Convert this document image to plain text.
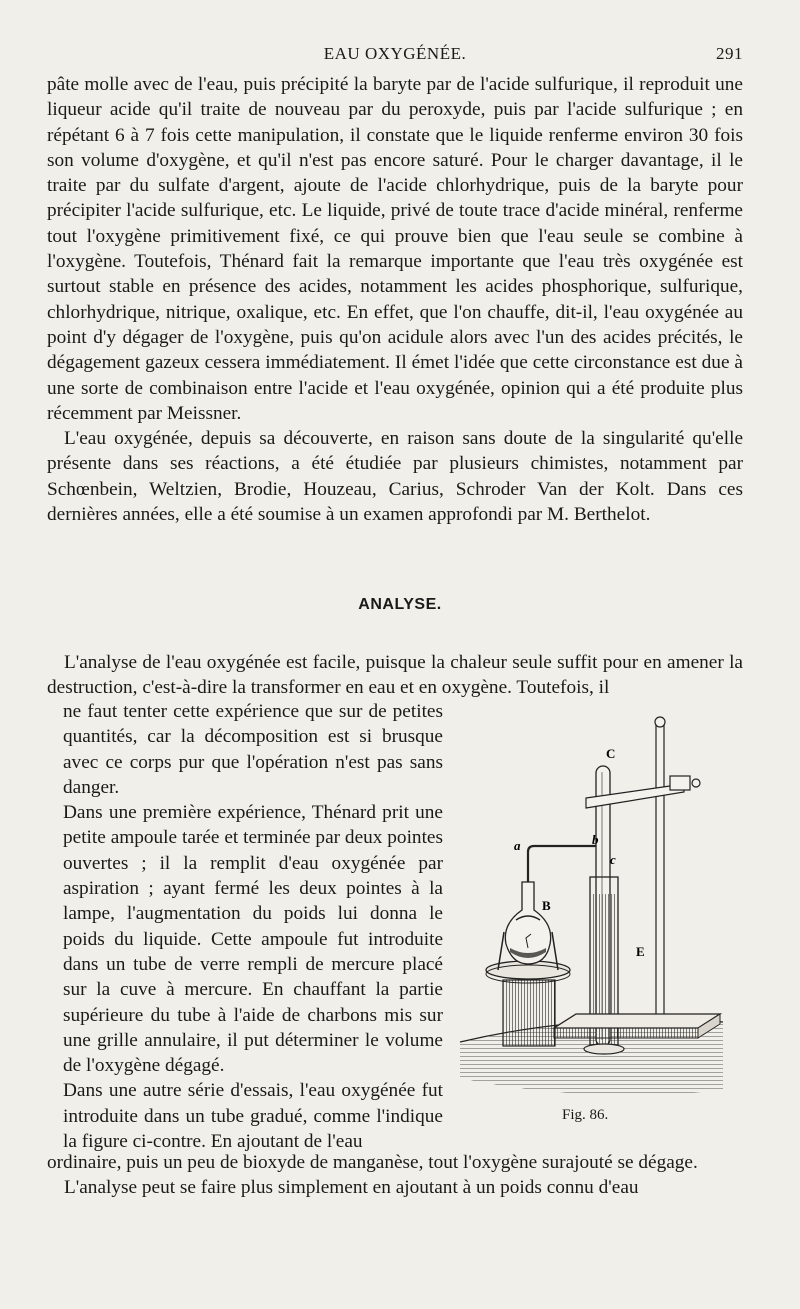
EAU OXYGÉNÉE.	291

pâte molle avec de l'eau, puis précipité la baryte par de l'acide sulfurique, il reproduit une liqueur acide qu'il traite de nouveau par du peroxyde, puis par l'acide sulfurique ; en répétant 6 à 7 fois cette manipulation, il constate que le liquide renferme environ 30 fois son volume d'oxygène, et qu'il n'est pas encore saturé. Pour le charger davantage, il le traite par du sulfate d'argent, ajoute de l'acide chlorhydrique, puis de la baryte pour précipiter l'acide sulfurique, etc. Le liquide, privé de toute trace d'acide minéral, renferme tout l'oxygène primitivement fixé, ce qui prouve bien que l'eau seule se combine à l'oxygène. Toutefois, Thénard fait la remarque importante que l'eau très oxygénée est surtout stable en présence des acides, notamment les acides phosphorique, sulfurique, chlorhydrique, nitrique, oxalique, etc. En effet, que l'on chauffe, dit-il, l'eau oxygénée au point d'y dégager de l'oxygène, puis qu'on acidule alors avec l'un des acides précités, le dégagement gazeux cessera immédiatement. Il émet l'idée que cette circonstance est due à une sorte de combinaison entre l'acide et l'eau oxygénée, opinion qui a été produite plus récemment par Meissner.

L'eau oxygénée, depuis sa découverte, en raison sans doute de la singularité qu'elle présente dans ses réactions, a été étudiée par plusieurs chimistes, notamment par Schœnbein, Weltzien, Brodie, Houzeau, Carius, Schroder Van der Kolt. Dans ces dernières années, elle a été soumise à un examen approfondi par M. Berthelot.

ANALYSE.

L'analyse de l'eau oxygénée est facile, puisque la chaleur seule suffit pour en amener la destruction, c'est-à-dire la transformer en eau et en oxygène. Toutefois, il

ne faut tenter cette expérience que sur de petites quantités, car la décomposition est si brusque avec ce corps pur que l'opération n'est pas sans danger.

Dans une première expérience, Thénard prit une petite ampoule tarée et terminée par deux pointes ouvertes ; il la remplit d'eau oxygénée par aspiration ; ayant fermé les deux pointes à la lampe, l'augmentation du poids lui donna le poids du liquide. Cette ampoule fut introduite dans un tube de verre rempli de mercure placé sur la cuve à mercure. En chauffant la partie supérieure du tube à l'aide de charbons mis sur une grille annulaire, il put déterminer le volume de l'oxygène dégagé.

Dans une autre série d'essais, l'eau oxygénée fut introduite dans un tube gradué, comme l'indique la figure ci-contre. En ajoutant de l'eau

ordinaire, puis un peu de bioxyde de manganèse, tout l'oxygène surajouté se dégage.

L'analyse peut se faire plus simplement en ajoutant à un poids connu d'eau

C
a	b
c
B
E
Fig. 86.
